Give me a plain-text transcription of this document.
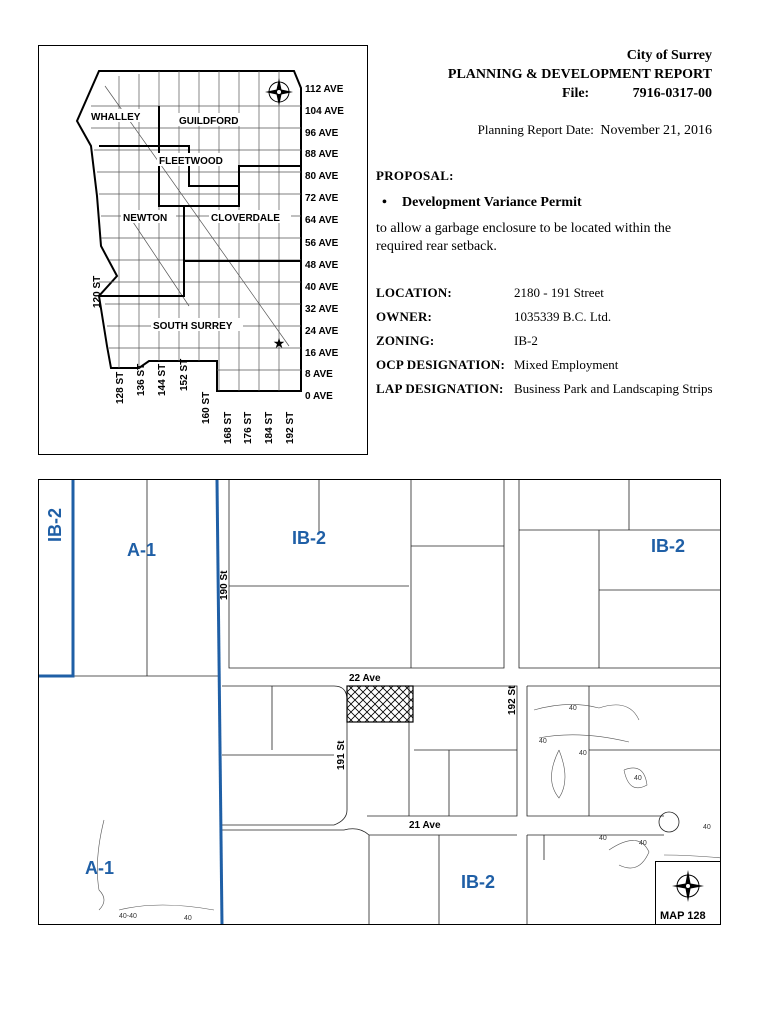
★
WHALLEY	GUILDFORD
FLEETWOOD
NEWTON	CLOVERDALE
SOUTH SURREY
112 AVE
104 AVE
96 AVE
88 AVE
80 AVE
72 AVE
64 AVE
56 AVE
48 AVE
40 AVE
32 AVE
24 AVE
16 AVE
8 AVE
0 AVE
120 ST
128 ST 136 ST 144 ST 152 ST
160 ST
168 ST 176 ST 184 ST 192 ST
City of Surrey
PLANNING & DEVELOPMENT REPORT
File:	7916-0317-00
Planning Report Date: November 21, 2016
PROPOSAL:
• Development Variance Permit
to allow a garbage enclosure to be located within the required rear setback.
LOCATION:	2180 - 191 Street
OWNER:	1035339 B.C. Ltd.
ZONING:	IB-2
OCP DESIGNATION: Mixed Employment
LAP DESIGNATION: Business Park and Landscaping Strips
40
40
40
40
40
40
40
40-40	40
IB-2
A-1
IB-2	IB-2
A-1
IB-2
190 St
22 Ave
191 St
192 St
21 Ave
MAP 128
